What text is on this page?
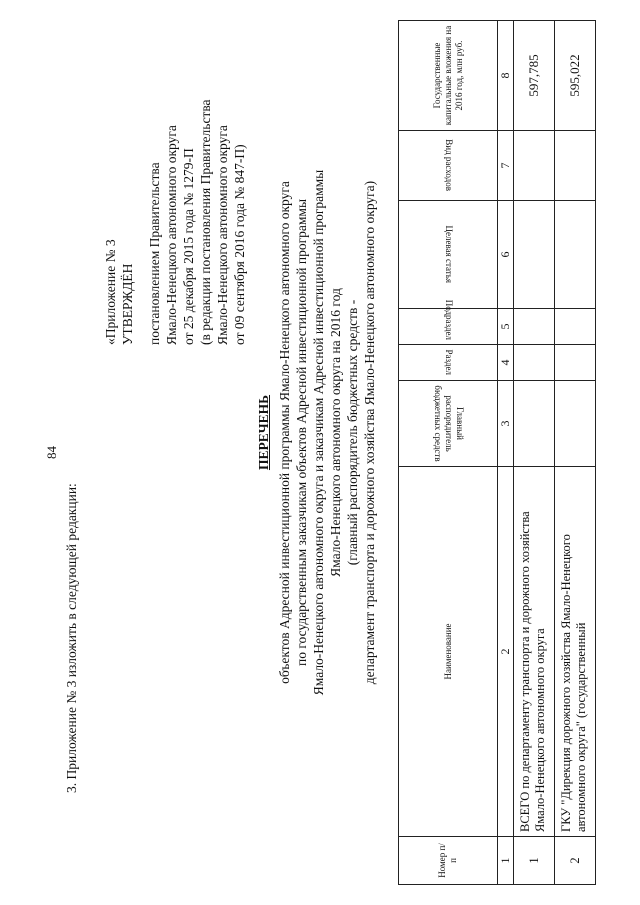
84
3. Приложение № 3 изложить в следующей редакции:
«Приложение № 3 УТВЕРЖДЁН постановлением Правительства Ямало-Ненецкого автономного округа от 25 декабря 2015 года № 1279-П (в редакции постановления Правительства Ямало-Ненецкого автономного округа от 09 сентября 2016 года № 847-П)
ПЕРЕЧЕНЬ объектов Адресной инвестиционной программы Ямало-Ненецкого автономного округа по государственным заказчикам объектов Адресной инвестиционной программы Ямало-Ненецкого автономного округа и заказчикам Адресной инвестиционной программы Ямало-Ненецкого автономного округа на 2016 год (главный распорядитель бюджетных средств - департамент транспорта и дорожного хозяйства Ямало-Ненецкого автономного округа)
Номер п/п	Наименование	Главный распорядитель бюджетных средств	Раздел	Подраздел	Целевая статья	Вид расходов	Государственные капитальные вложения на 2016 год, млн руб.
1	2	3	4	5	6	7	8
1	ВСЕГО по департаменту транспорта и дорожного хозяйства Ямало-Ненецкого автономного округа						597,785
2	ГКУ "Дирекция дорожного хозяйства Ямало-Ненецкого автономного округа" (государственный						595,022
